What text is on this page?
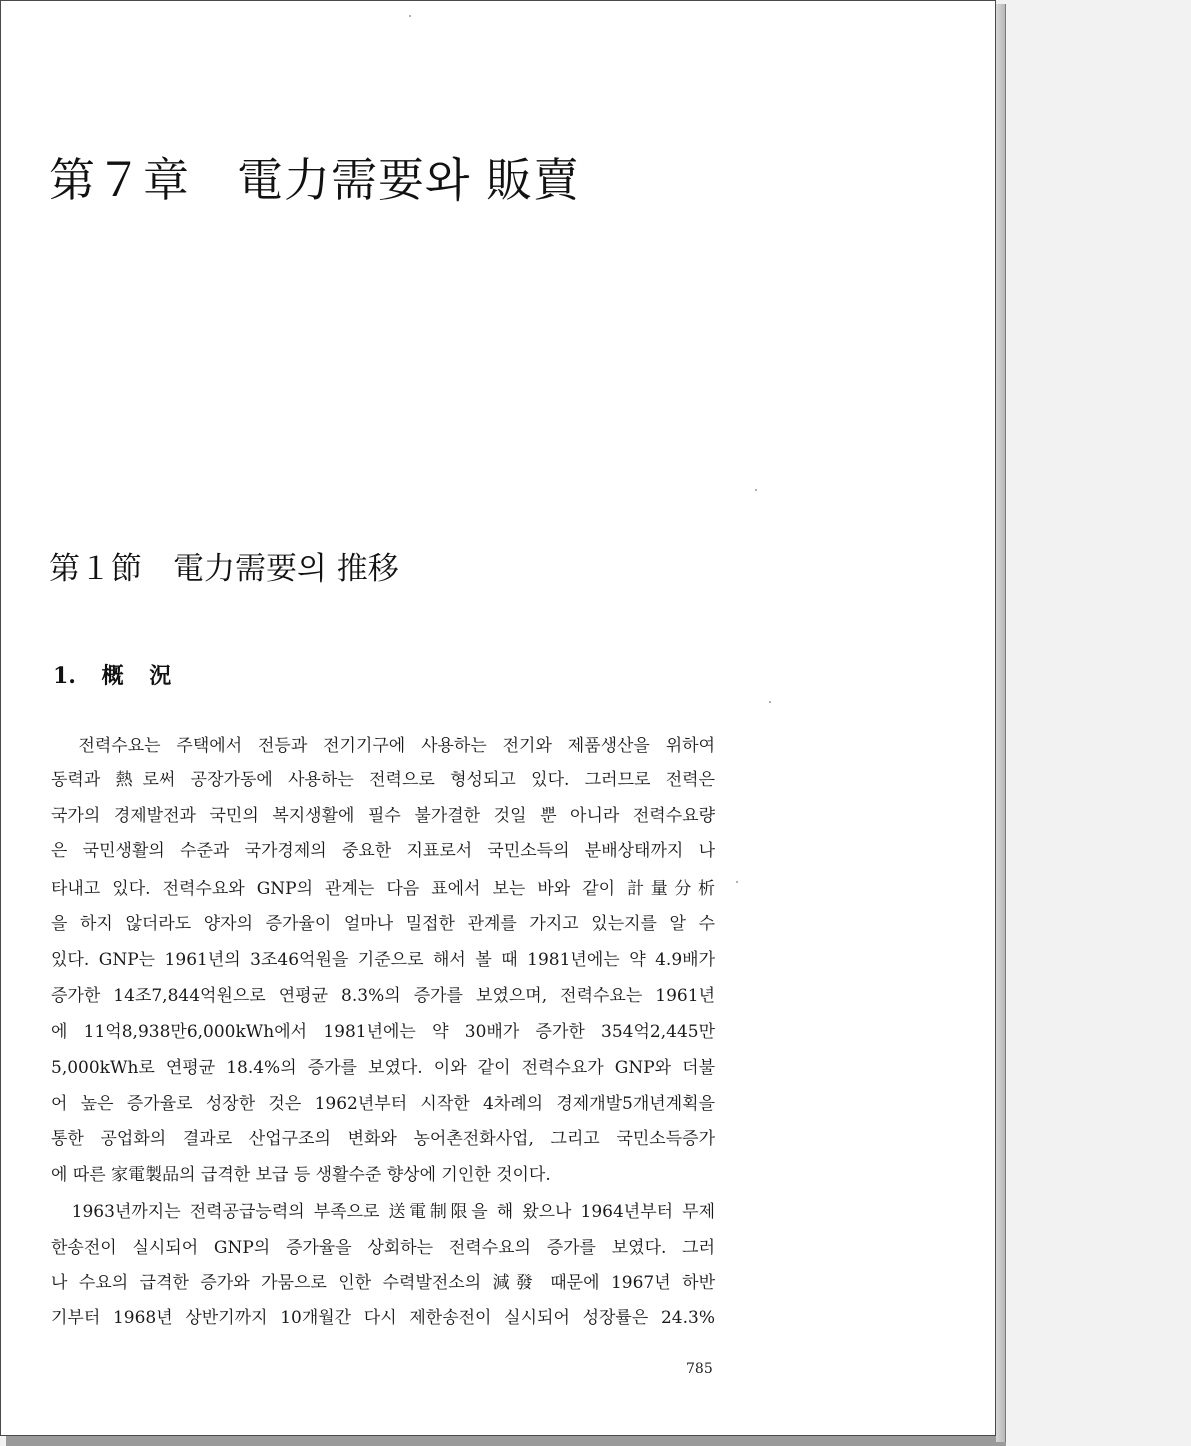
第７章　電力需要와 販賣
第１節　電力需要의 推移
1. 概 況
　전력수요는 주택에서 전등과 전기기구에 사용하는 전기와 제품생산을 위하여
동력과 熱로써 공장가동에 사용하는 전력으로 형성되고 있다. 그러므로 전력은
국가의 경제발전과 국민의 복지생활에 필수 불가결한 것일 뿐 아니라 전력수요량
은 국민생활의 수준과 국가경제의 중요한 지표로서 국민소득의 분배상태까지 나
타내고 있다. 전력수요와 GNP의 관계는 다음 표에서 보는 바와 같이 計量分析
을 하지 않더라도 양자의 증가율이 얼마나 밀접한 관계를 가지고 있는지를 알 수
있다. GNP는 1961년의 3조46억원을 기준으로 해서 볼 때 1981년에는 약 4.9배가
증가한 14조7,844억원으로 연평균 8.3%의 증가를 보였으며, 전력수요는 1961년
에 11억8,938만6,000kWh에서 1981년에는 약 30배가 증가한 354억2,445만
5,000kWh로 연평균 18.4%의 증가를 보였다. 이와 같이 전력수요가 GNP와 더불
어 높은 증가율로 성장한 것은 1962년부터 시작한 4차례의 경제개발5개년계획을
통한 공업화의 결과로 산업구조의 변화와 농어촌전화사업, 그리고 국민소득증가
에 따른 家電製品의 급격한 보급 등 생활수준 향상에 기인한 것이다.
　1963년까지는 전력공급능력의 부족으로 送電制限을 해 왔으나 1964년부터 무제
한송전이 실시되어 GNP의 증가율을 상회하는 전력수요의 증가를 보였다. 그러
나 수요의 급격한 증가와 가뭄으로 인한 수력발전소의 減發 때문에 1967년 하반
기부터 1968년 상반기까지 10개월간 다시 제한송전이 실시되어 성장률은 24.3%
785
